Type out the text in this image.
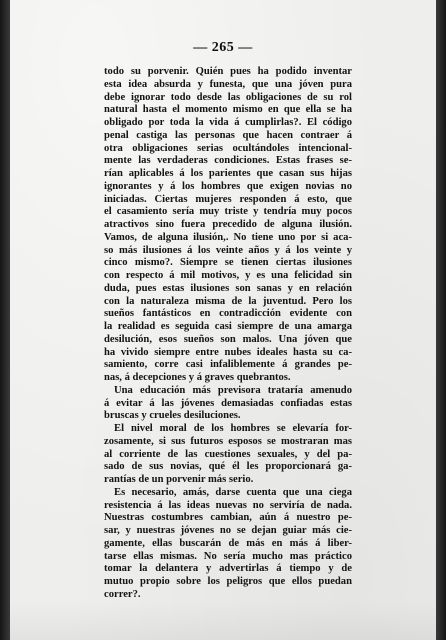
— 265 —
todo su porvenir. Quién pues ha podido inventar
esta idea absurda y funesta, que una jóven pura
debe ignorar todo desde las obligaciones de su rol
natural hasta el momento mismo en que ella se ha
obligado por toda la vida á cumplirlas?. El código
penal castiga las personas que hacen contraer á
otra obligaciones serias ocultándoles intencional-
mente las verdaderas condiciones. Estas frases se-
rían aplicables á los parientes que casan sus hijas
ignorantes y á los hombres que exigen novias no
iniciadas. Ciertas mujeres responden á esto, que
el casamiento sería muy triste y tendría muy pocos
atractivos sino fuera precedido de alguna ilusión.
Vamos, de alguna ilusión,. No tiene uno por si aca-
so más ilusiones á los veinte años y á los veinte y
cinco mismo?. Siempre se tienen ciertas ilusiones
con respecto á mil motivos, y es una felicidad sin
duda, pues estas ilusiones son sanas y en relación
con la naturaleza misma de la juventud. Pero los
sueños fantásticos en contradicción evidente con
la realidad es seguida casi siempre de una amarga
desilución, esos sueños son malos. Una jóven que
ha vivido siempre entre nubes ideales hasta su ca-
samiento, corre casi infaliblemente á grandes pe-
nas, á decepciones y á graves quebrantos.
Una educación más previsora trataría amenudo
á evitar á las jóvenes demasiadas confiadas estas
bruscas y crueles desiluciones.
El nivel moral de los hombres se elevaría for-
zosamente, si sus futuros esposos se mostraran mas
al corriente de las cuestiones sexuales, y del pa-
sado de sus novias, qué él les proporcionará ga-
rantías de un porvenir más serio.
Es necesario, amás, darse cuenta que una ciega
resistencia á las ideas nuevas no serviría de nada.
Nuestras costumbres cambian, aún á nuestro pe-
sar, y nuestras jóvenes no se dejan guiar más cie-
gamente, ellas buscarán de más en más á liber-
tarse ellas mismas. No sería mucho mas práctico
tomar la delantera y advertirlas á tiempo y de
mutuo propio sobre los peligros que ellos puedan
correr?.
